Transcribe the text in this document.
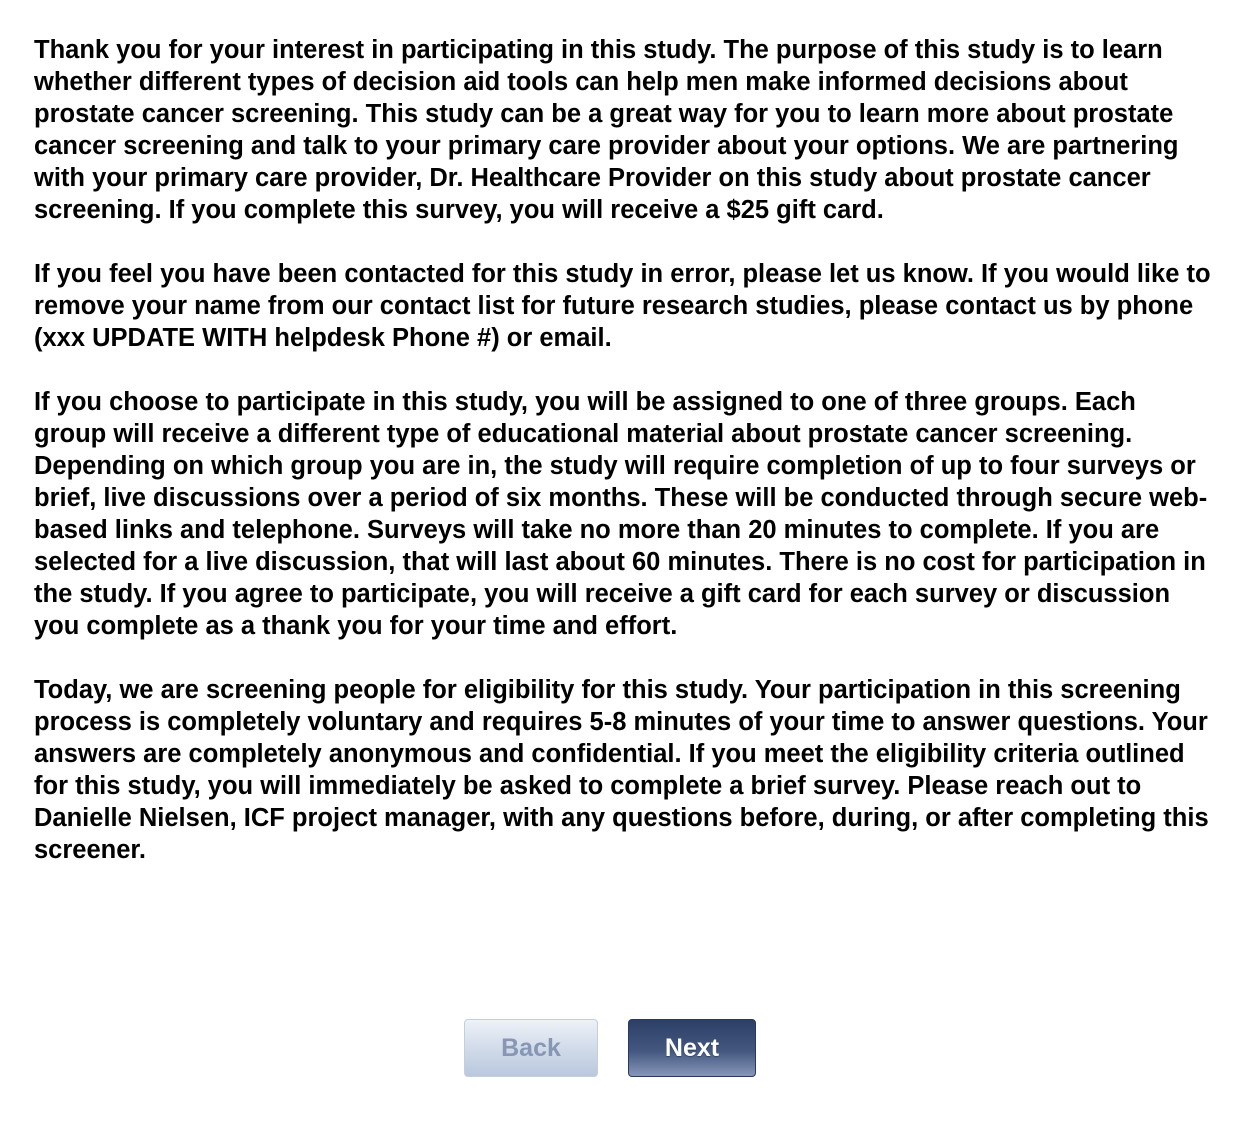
Thank you for your interest in participating in this study. The purpose of this study is to learn whether different types of decision aid tools can help men make informed decisions about prostate cancer screening. This study can be a great way for you to learn more about prostate cancer screening and talk to your primary care provider about your options. We are partnering with your primary care provider, Dr. Healthcare Provider on this study about prostate cancer screening. If you complete this survey, you will receive a $25 gift card.

If you feel you have been contacted for this study in error, please let us know. If you would like to remove your name from our contact list for future research studies, please contact us by phone (xxx UPDATE WITH helpdesk Phone #) or email.

If you choose to participate in this study, you will be assigned to one of three groups. Each group will receive a different type of educational material about prostate cancer screening. Depending on which group you are in, the study will require completion of up to four surveys or brief, live discussions over a period of six months. These will be conducted through secure web-based links and telephone. Surveys will take no more than 20 minutes to complete. If you are selected for a live discussion, that will last about 60 minutes. There is no cost for participation in the study. If you agree to participate, you will receive a gift card for each survey or discussion you complete as a thank you for your time and effort.

Today, we are screening people for eligibility for this study. Your participation in this screening process is completely voluntary and requires 5-8 minutes of your time to answer questions. Your answers are completely anonymous and confidential. If you meet the eligibility criteria outlined for this study, you will immediately be asked to complete a brief survey. Please reach out to Danielle Nielsen, ICF project manager, with any questions before, during, or after completing this screener.

Back	Next
